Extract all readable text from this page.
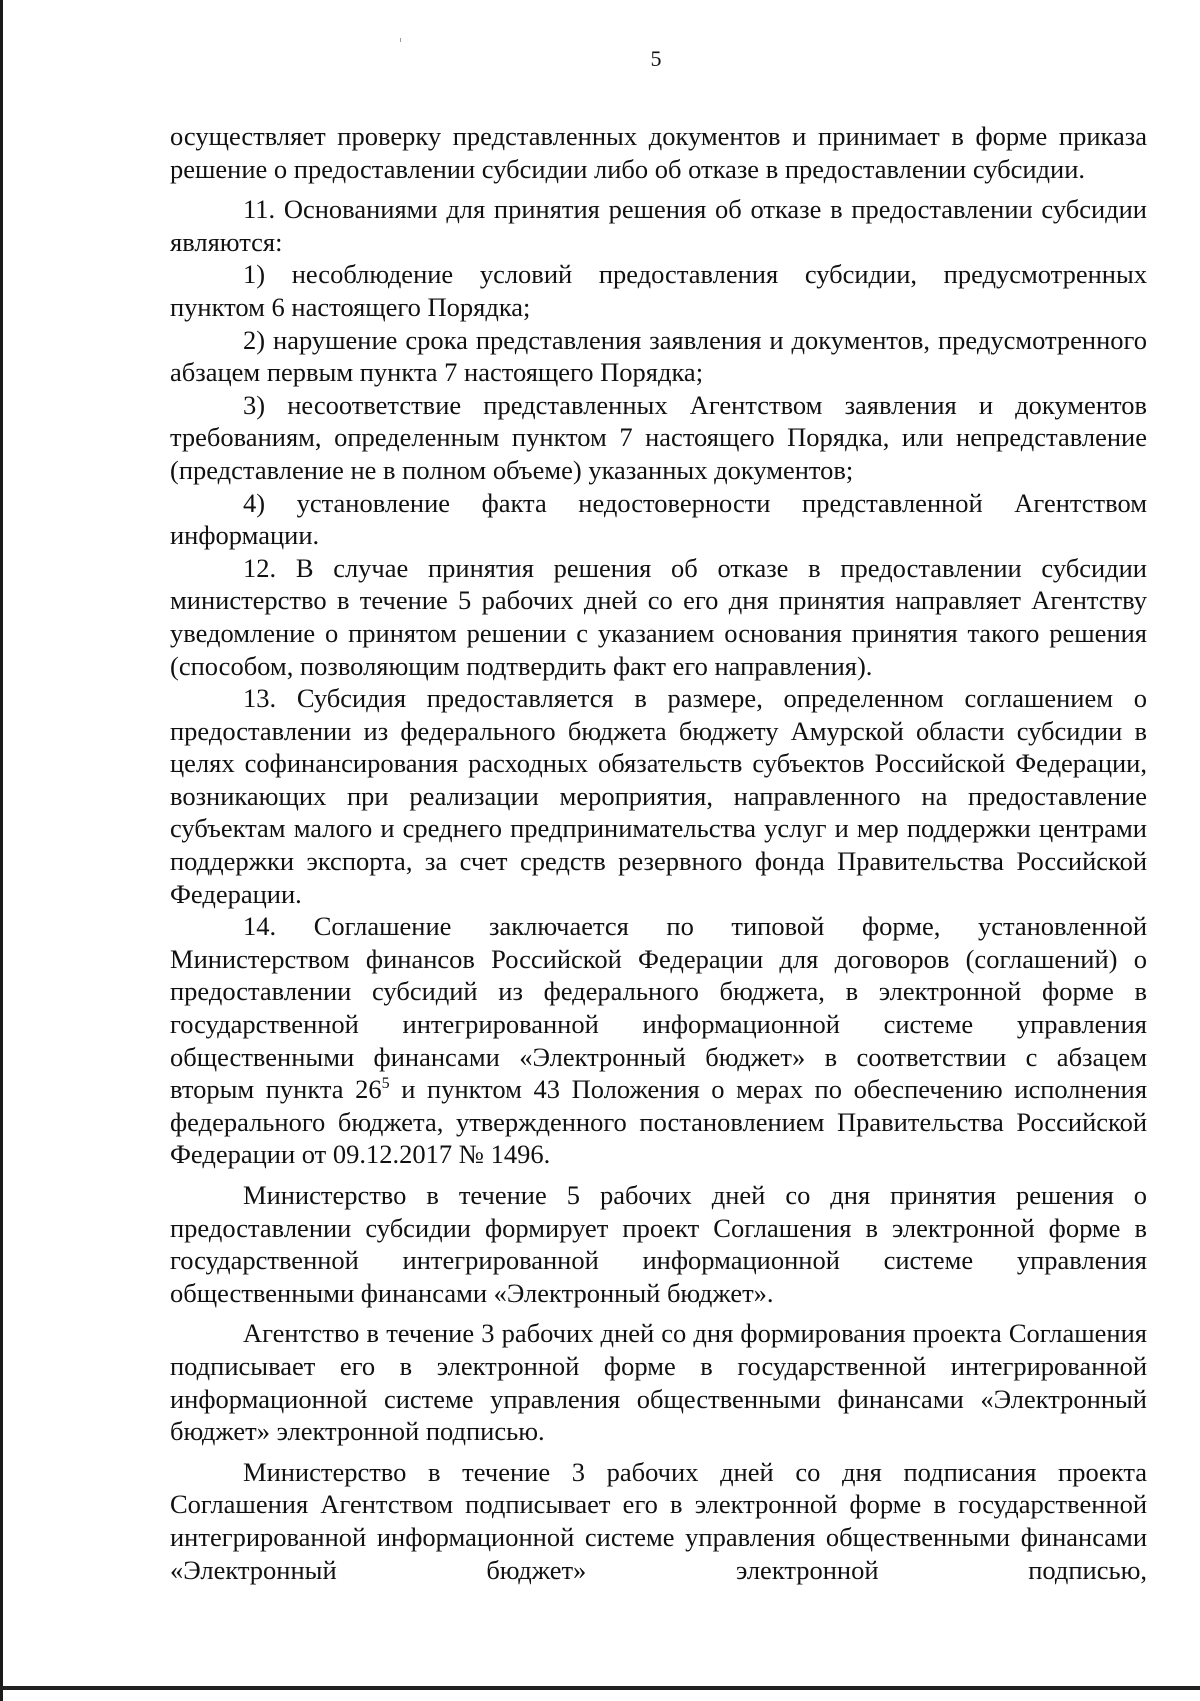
5

осуществляет проверку представленных документов и принимает в форме приказа решение о предоставлении субсидии либо об отказе в предоставлении субсидии.

11. Основаниями для принятия решения об отказе в предоставлении субсидии являются:

1) несоблюдение условий предоставления субсидии, предусмотренных пунктом 6 настоящего Порядка;

2) нарушение срока представления заявления и документов, предусмотренного абзацем первым пункта 7 настоящего Порядка;

3) несоответствие представленных Агентством заявления и документов требованиям, определенным пунктом 7 настоящего Порядка, или непредставление (представление не в полном объеме) указанных документов;

4) установление факта недостоверности представленной Агентством информации.

12. В случае принятия решения об отказе в предоставлении субсидии министерство в течение 5 рабочих дней со его дня принятия направляет Агентству уведомление о принятом решении с указанием основания принятия такого решения (способом, позволяющим подтвердить факт его направления).

13. Субсидия предоставляется в размере, определенном соглашением о предоставлении из федерального бюджета бюджету Амурской области субсидии в целях софинансирования расходных обязательств субъектов Российской Федерации, возникающих при реализации мероприятия, направленного на предоставление субъектам малого и среднего предпринимательства услуг и мер поддержки центрами поддержки экспорта, за счет средств резервного фонда Правительства Российской Федерации.

14. Соглашение заключается по типовой форме, установленной Министерством финансов Российской Федерации для договоров (соглашений) о предоставлении субсидий из федерального бюджета, в электронной форме в государственной интегрированной информационной системе управления общественными финансами «Электронный бюджет» в соответствии с абзацем вторым пункта $26^5$ и пунктом 43 Положения о мерах по обеспечению исполнения федерального бюджета, утвержденного постановлением Правительства Российской Федерации от 09.12.2017 № 1496.

Министерство в течение 5 рабочих дней со дня принятия решения о предоставлении субсидии формирует проект Соглашения в электронной форме в государственной интегрированной информационной системе управления общественными финансами «Электронный бюджет».

Агентство в течение 3 рабочих дней со дня формирования проекта Соглашения подписывает его в электронной форме в государственной интегрированной информационной системе управления общественными финансами «Электронный бюджет» электронной подписью.

Министерство в течение 3 рабочих дней со дня подписания проекта Соглашения Агентством подписывает его в электронной форме в государственной интегрированной информационной системе управления общественными финансами «Электронный бюджет» электронной подписью,
